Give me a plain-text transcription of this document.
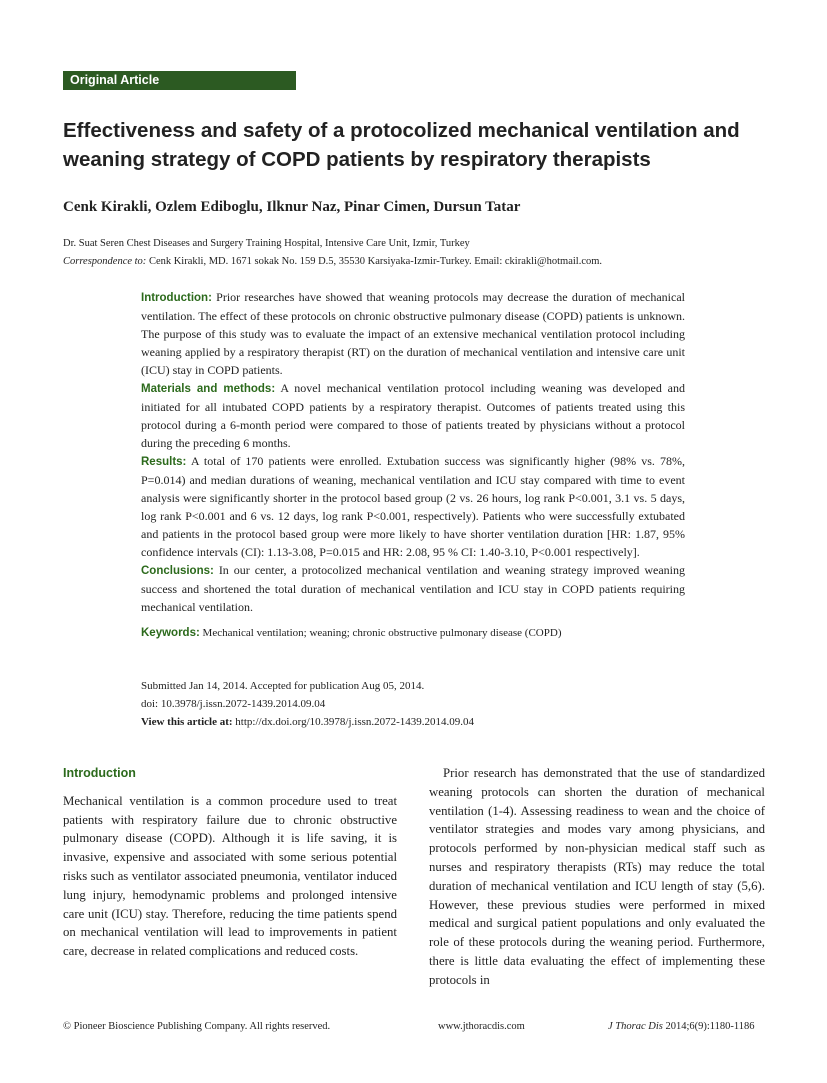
Original Article
Effectiveness and safety of a protocolized mechanical ventilation and weaning strategy of COPD patients by respiratory therapists
Cenk Kirakli, Ozlem Ediboglu, Ilknur Naz, Pinar Cimen, Dursun Tatar
Dr. Suat Seren Chest Diseases and Surgery Training Hospital, Intensive Care Unit, Izmir, Turkey
Correspondence to: Cenk Kirakli, MD. 1671 sokak No. 159 D.5, 35530 Karsiyaka-Izmir-Turkey. Email: ckirakli@hotmail.com.

Introduction: Prior researches have showed that weaning protocols may decrease the duration of mechanical ventilation. The effect of these protocols on chronic obstructive pulmonary disease (COPD) patients is unknown. The purpose of this study was to evaluate the impact of an extensive mechanical ventilation protocol including weaning applied by a respiratory therapist (RT) on the duration of mechanical ventilation and intensive care unit (ICU) stay in COPD patients.

Materials and methods: A novel mechanical ventilation protocol including weaning was developed and initiated for all intubated COPD patients by a respiratory therapist. Outcomes of patients treated using this protocol during a 6-month period were compared to those of patients treated by physicians without a protocol during the preceding 6 months.

Results: A total of 170 patients were enrolled. Extubation success was significantly higher (98% vs. 78%, P=0.014) and median durations of weaning, mechanical ventilation and ICU stay compared with time to event analysis were significantly shorter in the protocol based group (2 vs. 26 hours, log rank P<0.001, 3.1 vs. 5 days, log rank P<0.001 and 6 vs. 12 days, log rank P<0.001, respectively). Patients who were successfully extubated and patients in the protocol based group were more likely to have shorter ventilation duration [HR: 1.87, 95% confidence intervals (CI): 1.13-3.08, P=0.015 and HR: 2.08, 95 % CI: 1.40-3.10, P<0.001 respectively].

Conclusions: In our center, a protocolized mechanical ventilation and weaning strategy improved weaning success and shortened the total duration of mechanical ventilation and ICU stay in COPD patients requiring mechanical ventilation.

Keywords: Mechanical ventilation; weaning; chronic obstructive pulmonary disease (COPD)

Submitted Jan 14, 2014. Accepted for publication Aug 05, 2014.
doi: 10.3978/j.issn.2072-1439.2014.09.04
View this article at: http://dx.doi.org/10.3978/j.issn.2072-1439.2014.09.04
Introduction

Mechanical ventilation is a common procedure used to treat patients with respiratory failure due to chronic obstructive pulmonary disease (COPD). Although it is life saving, it is invasive, expensive and associated with some serious potential risks such as ventilator associated pneumonia, ventilator induced lung injury, hemodynamic problems and prolonged intensive care unit (ICU) stay. Therefore, reducing the time patients spend on mechanical ventilation will lead to improvements in patient care, decrease in related complications and reduced costs.

Prior research has demonstrated that the use of standardized weaning protocols can shorten the duration of mechanical ventilation (1-4). Assessing readiness to wean and the choice of ventilator strategies and modes vary among physicians, and protocols performed by non-physician medical staff such as nurses and respiratory therapists (RTs) may reduce the total duration of mechanical ventilation and ICU length of stay (5,6). However, these previous studies were performed in mixed medical and surgical patient populations and only evaluated the role of these protocols during the weaning period. Furthermore, there is little data evaluating the effect of implementing these protocols in

© Pioneer Bioscience Publishing Company. All rights reserved.	www.jthoracdis.com	J Thorac Dis 2014;6(9):1180-1186
